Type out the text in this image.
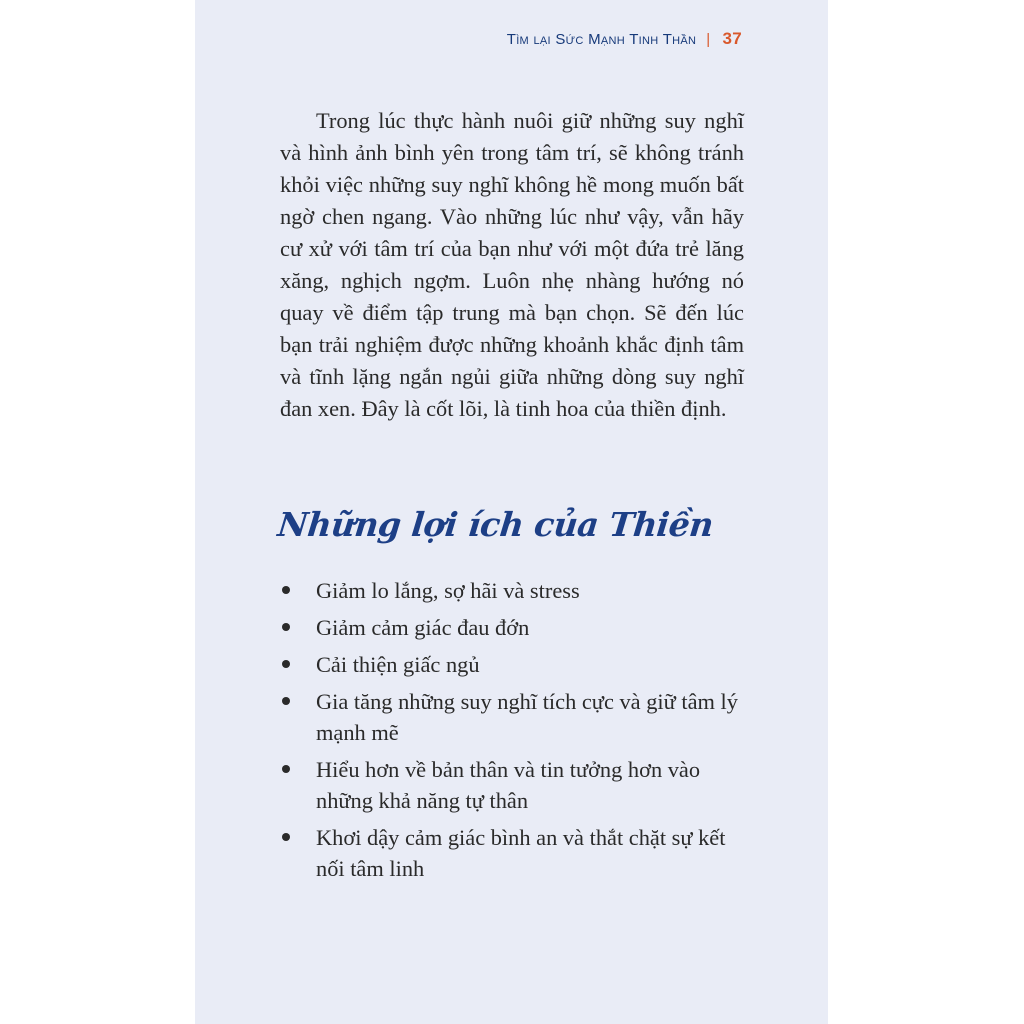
Tìm lại Sức Mạnh Tinh Thần | 37

Trong lúc thực hành nuôi giữ những suy nghĩ và hình ảnh bình yên trong tâm trí, sẽ không tránh khỏi việc những suy nghĩ không hề mong muốn bất ngờ chen ngang. Vào những lúc như vậy, vẫn hãy cư xử với tâm trí của bạn như với một đứa trẻ lăng xăng, nghịch ngợm. Luôn nhẹ nhàng hướng nó quay về điểm tập trung mà bạn chọn. Sẽ đến lúc bạn trải nghiệm được những khoảnh khắc định tâm và tĩnh lặng ngắn ngủi giữa những dòng suy nghĩ đan xen. Đây là cốt lõi, là tinh hoa của thiền định.

Những lợi ích của Thiền
Giảm lo lắng, sợ hãi và stress
Giảm cảm giác đau đớn
Cải thiện giấc ngủ
Gia tăng những suy nghĩ tích cực và giữ tâm lý mạnh mẽ
Hiểu hơn về bản thân và tin tưởng hơn vào những khả năng tự thân
Khơi dậy cảm giác bình an và thắt chặt sự kết nối tâm linh
